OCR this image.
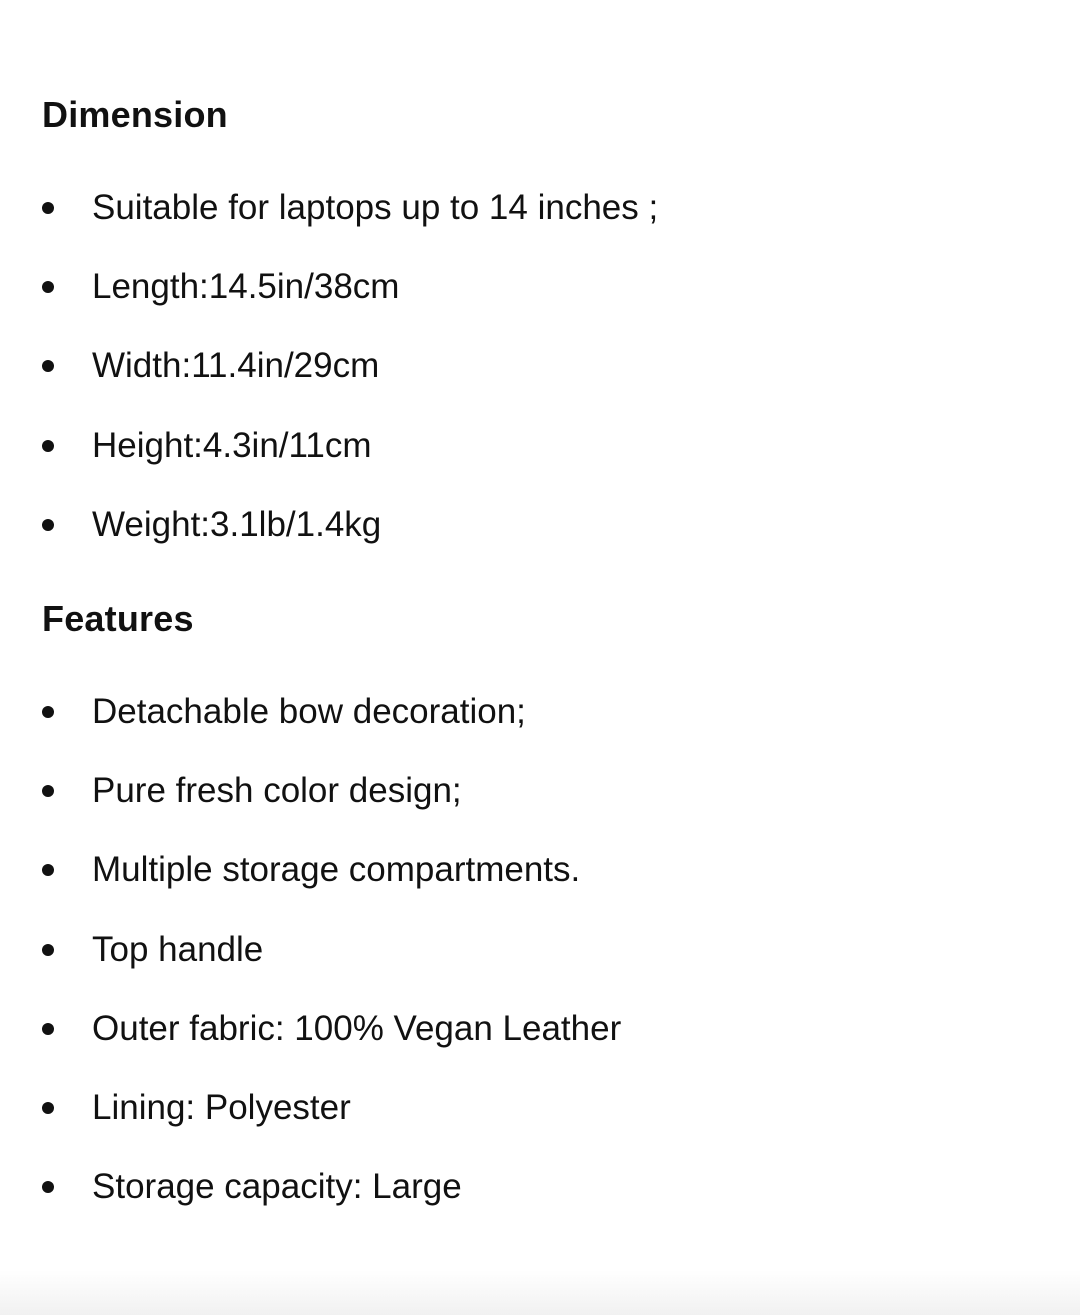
Dimension
Suitable for laptops up to 14 inches ;
Length:14.5in/38cm
Width:11.4in/29cm
Height:4.3in/11cm
Weight:3.1lb/1.4kg
Features
Detachable bow decoration;
Pure fresh color design;
Multiple storage compartments.
Top handle
Outer fabric: 100% Vegan Leather
Lining: Polyester
Storage capacity: Large
